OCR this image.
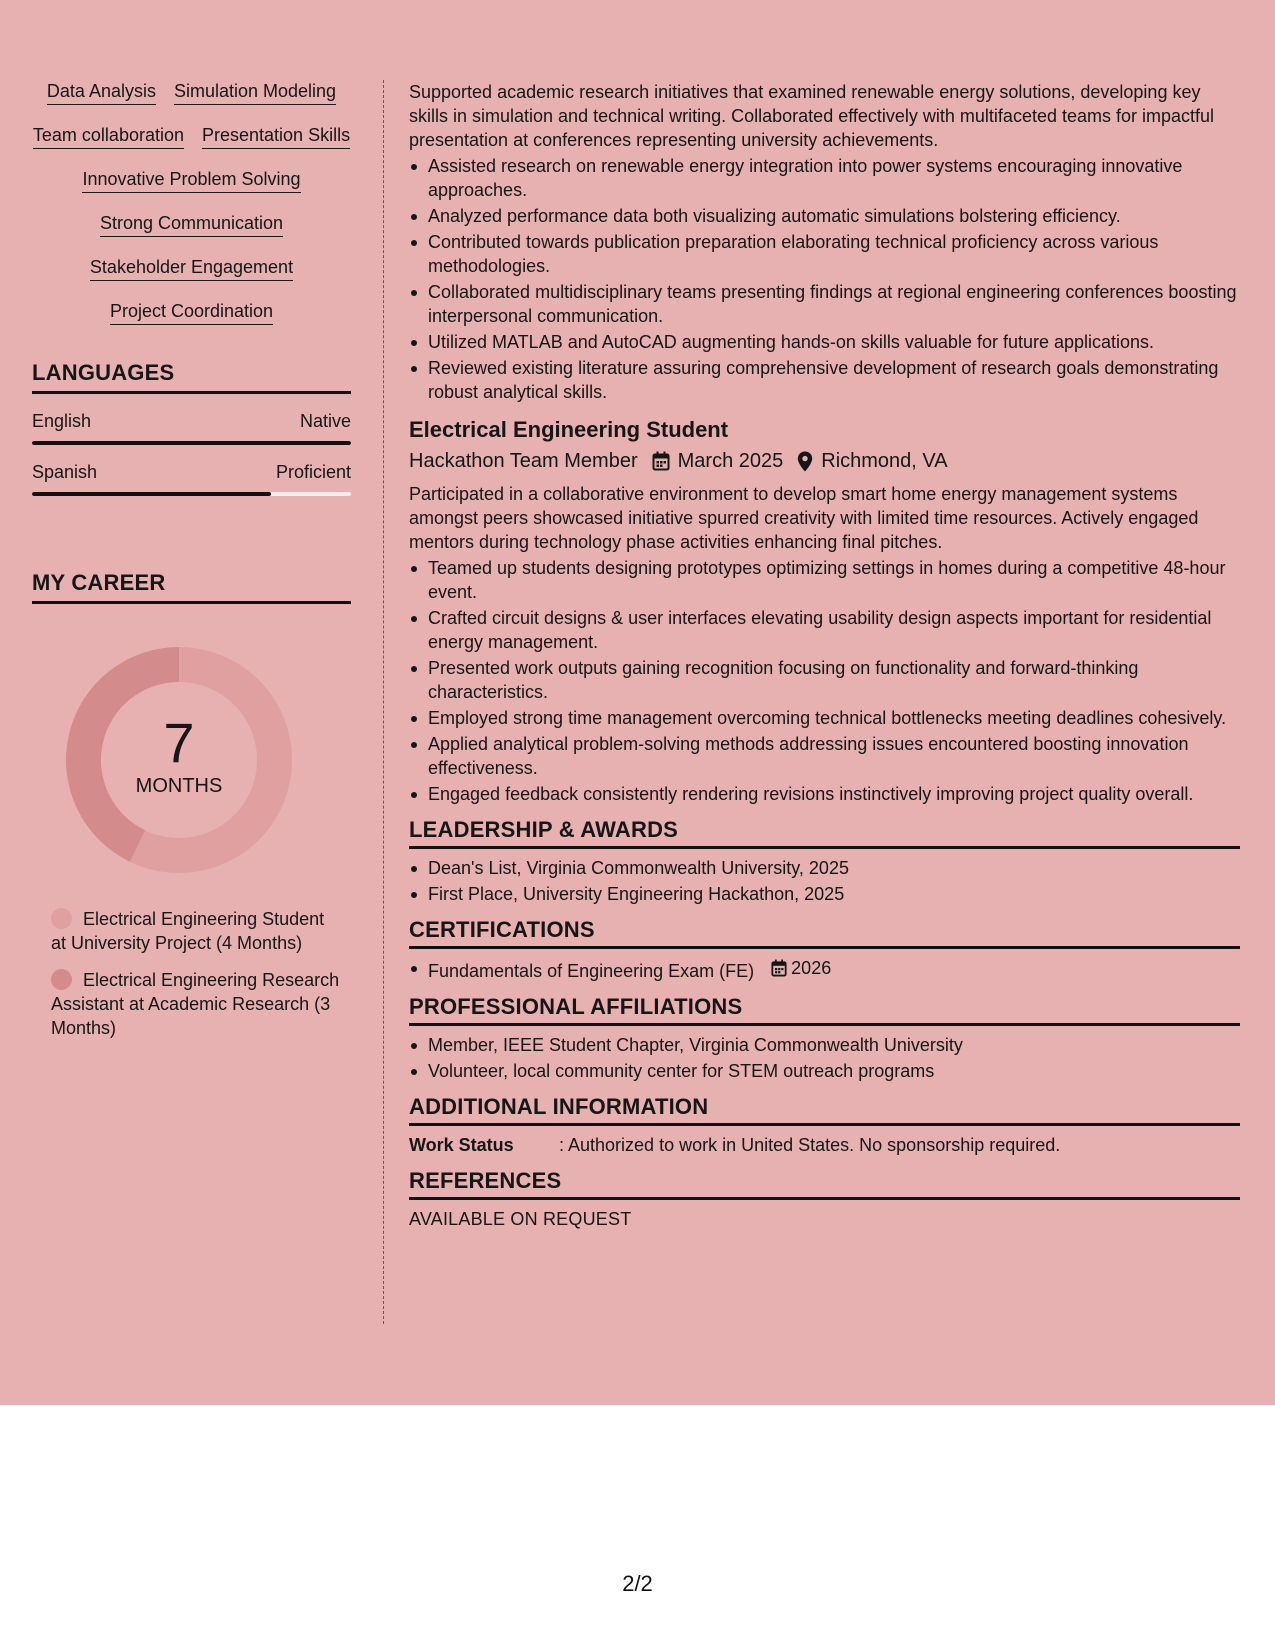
Data Analysis Simulation Modeling
Team collaboration Presentation Skills
Innovative Problem Solving
Strong Communication
Stakeholder Engagement
Project Coordination
LANGUAGES
English	Native
Spanish	Proficient
MY CAREER
7
MONTHS
Electrical Engineering Student at University Project (4 Months)
Electrical Engineering Research Assistant at Academic Research (3 Months)

Supported academic research initiatives that examined renewable energy solutions, developing key skills in simulation and technical writing. Collaborated effectively with multifaceted teams for impactful presentation at conferences representing university achievements.

Assisted research on renewable energy integration into power systems encouraging innovative approaches.
Analyzed performance data both visualizing automatic simulations bolstering efficiency.
Contributed towards publication preparation elaborating technical proficiency across various methodologies.
Collaborated multidisciplinary teams presenting findings at regional engineering conferences boosting interpersonal communication.
Utilized MATLAB and AutoCAD augmenting hands-on skills valuable for future applications.
Reviewed existing literature assuring comprehensive development of research goals demonstrating robust analytical skills.
Electrical Engineering Student
Hackathon Team Member March 2025 Richmond, VA

Participated in a collaborative environment to develop smart home energy management systems amongst peers showcased initiative spurred creativity with limited time resources. Actively engaged mentors during technology phase activities enhancing final pitches.

Teamed up students designing prototypes optimizing settings in homes during a competitive 48-hour event.
Crafted circuit designs & user interfaces elevating usability design aspects important for residential energy management.
Presented work outputs gaining recognition focusing on functionality and forward-thinking characteristics.
Employed strong time management overcoming technical bottlenecks meeting deadlines cohesively.
Applied analytical problem-solving methods addressing issues encountered boosting innovation effectiveness.
Engaged feedback consistently rendering revisions instinctively improving project quality overall.
LEADERSHIP & AWARDS
Dean's List, Virginia Commonwealth University, 2025
First Place, University Engineering Hackathon, 2025
CERTIFICATIONS
Fundamentals of Engineering Exam (FE) 2026
PROFESSIONAL AFFILIATIONS
Member, IEEE Student Chapter, Virginia Commonwealth University
Volunteer, local community center for STEM outreach programs
ADDITIONAL INFORMATION
Work Status	: Authorized to work in United States. No sponsorship required.
REFERENCES
AVAILABLE ON REQUEST
2/2
